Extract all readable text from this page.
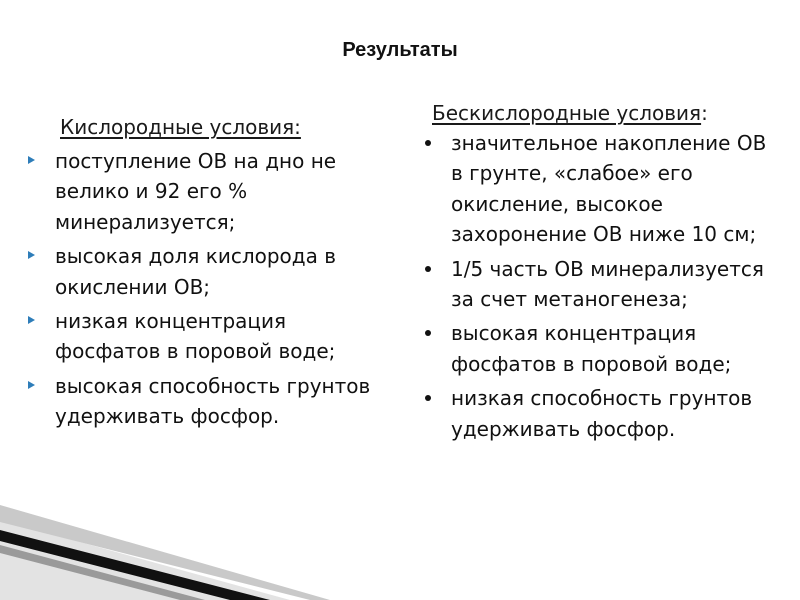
Результаты
Кислородные условия:
поступление ОВ на дно не велико и 92 его % минерализуется;
высокая доля кислорода в окислении ОВ;
низкая концентрация фосфатов в поровой воде;
высокая способность грунтов удерживать фосфор.
Бескислородные условия:
значительное накопление ОВ в грунте, «слабое» его окисление, высокое захоронение ОВ ниже 10 см;
1/5 часть ОВ минерализуется за счет метаногенеза;
высокая концентрация фосфатов в поровой воде;
низкая способность грунтов удерживать фосфор.
